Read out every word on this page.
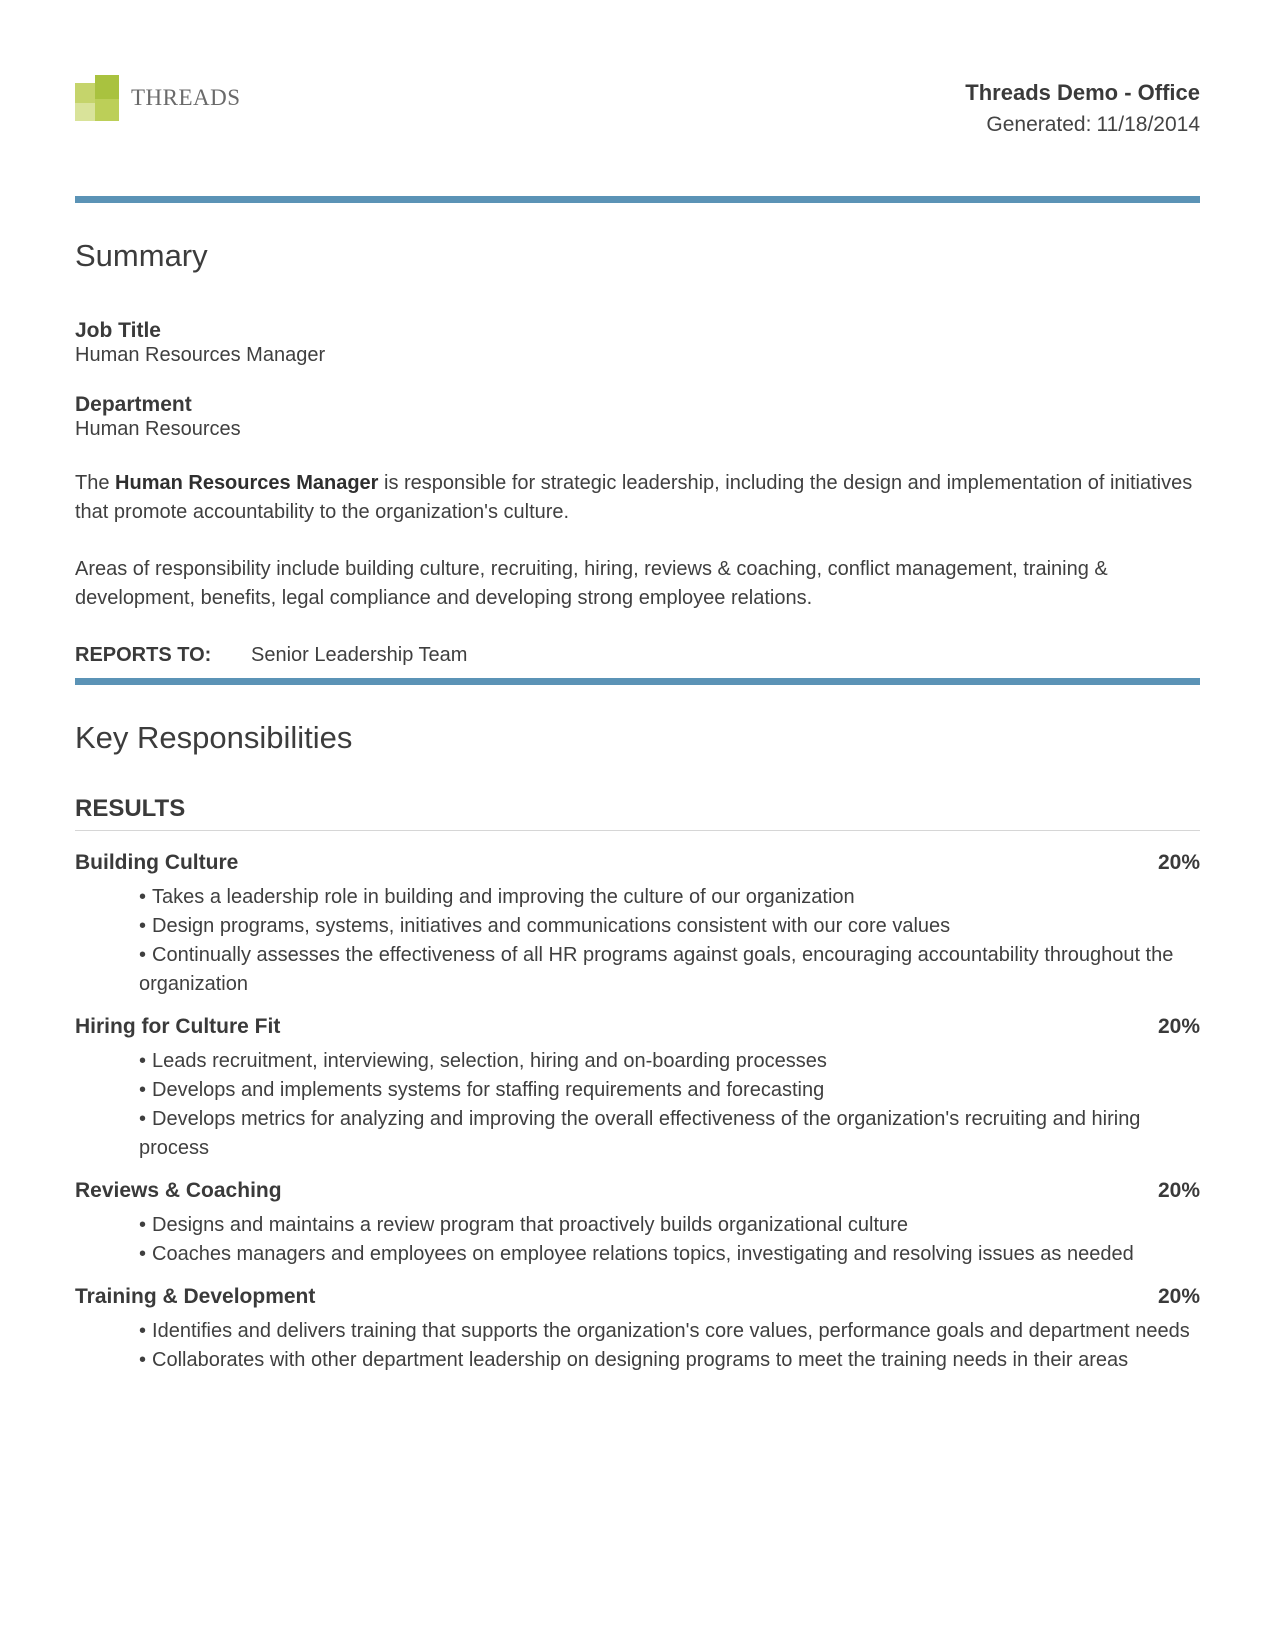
THREADS	Threads Demo - Office
Generated: 11/18/2014
Summary
Job Title
Human Resources Manager
Department
Human Resources

The Human Resources Manager is responsible for strategic leadership, including the design and implementation of initiatives that promote accountability to the organization's culture.

Areas of responsibility include building culture, recruiting, hiring, reviews & coaching, conflict management, training & development, benefits, legal compliance and developing strong employee relations.

REPORTS TO:	Senior Leadership Team
Key Responsibilities
RESULTS
Building Culture	20%
• Takes a leadership role in building and improving the culture of our organization
• Design programs, systems, initiatives and communications consistent with our core values
• Continually assesses the effectiveness of all HR programs against goals, encouraging accountability throughout the organization
Hiring for Culture Fit	20%
• Leads recruitment, interviewing, selection, hiring and on-boarding processes
• Develops and implements systems for staffing requirements and forecasting
• Develops metrics for analyzing and improving the overall effectiveness of the organization's recruiting and hiring process
Reviews & Coaching	20%
• Designs and maintains a review program that proactively builds organizational culture
• Coaches managers and employees on employee relations topics, investigating and resolving issues as needed
Training & Development	20%
• Identifies and delivers training that supports the organization's core values, performance goals and department needs
• Collaborates with other department leadership on designing programs to meet the training needs in their areas
